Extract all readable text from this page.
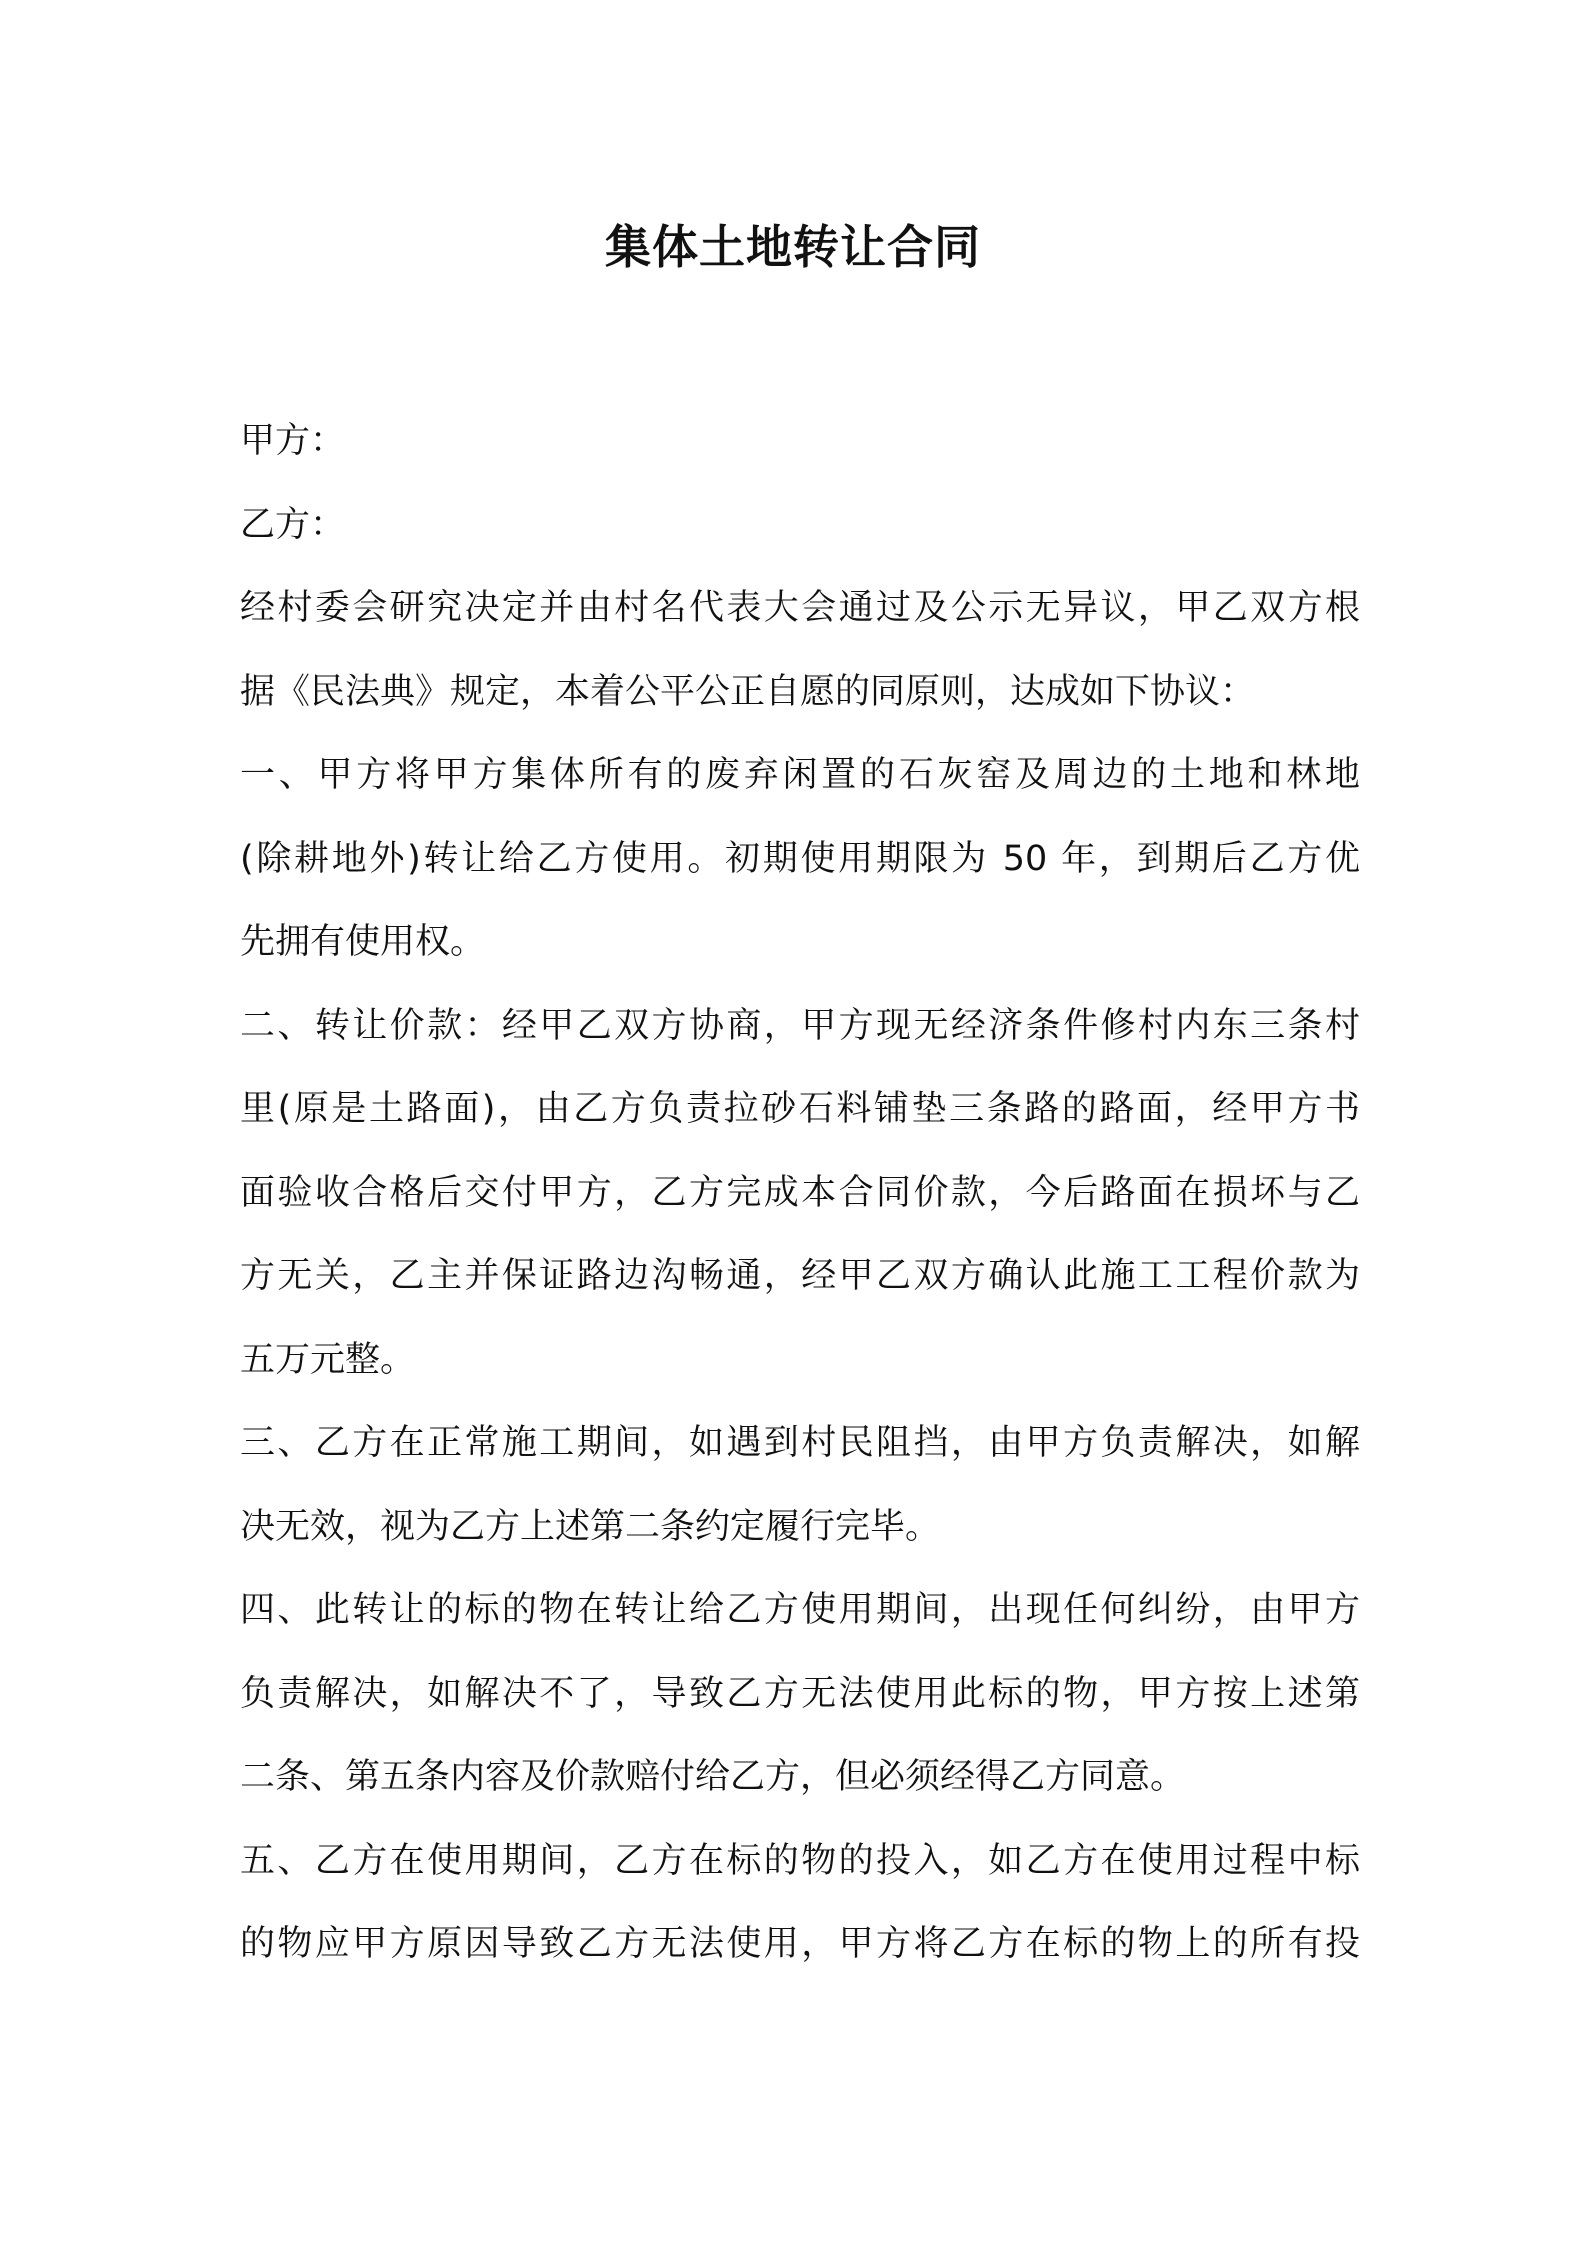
集体土地转让合同
甲方：
乙方：
经村委会研究决定并由村名代表大会通过及公示无异议，甲乙双方根
据《民法典》规定，本着公平公正自愿的同原则，达成如下协议：
一、甲方将甲方集体所有的废弃闲置的石灰窑及周边的土地和林地
(除耕地外)转让给乙方使用。初期使用期限为 50 年，到期后乙方优
先拥有使用权。
二、转让价款：经甲乙双方协商，甲方现无经济条件修村内东三条村
里(原是土路面)，由乙方负责拉砂石料铺垫三条路的路面，经甲方书
面验收合格后交付甲方，乙方完成本合同价款，今后路面在损坏与乙
方无关，乙主并保证路边沟畅通，经甲乙双方确认此施工工程价款为
五万元整。
三、乙方在正常施工期间，如遇到村民阻挡，由甲方负责解决，如解
决无效，视为乙方上述第二条约定履行完毕。
四、此转让的标的物在转让给乙方使用期间，出现任何纠纷，由甲方
负责解决，如解决不了，导致乙方无法使用此标的物，甲方按上述第
二条、第五条内容及价款赔付给乙方，但必须经得乙方同意。
五、乙方在使用期间，乙方在标的物的投入，如乙方在使用过程中标
的物应甲方原因导致乙方无法使用，甲方将乙方在标的物上的所有投
